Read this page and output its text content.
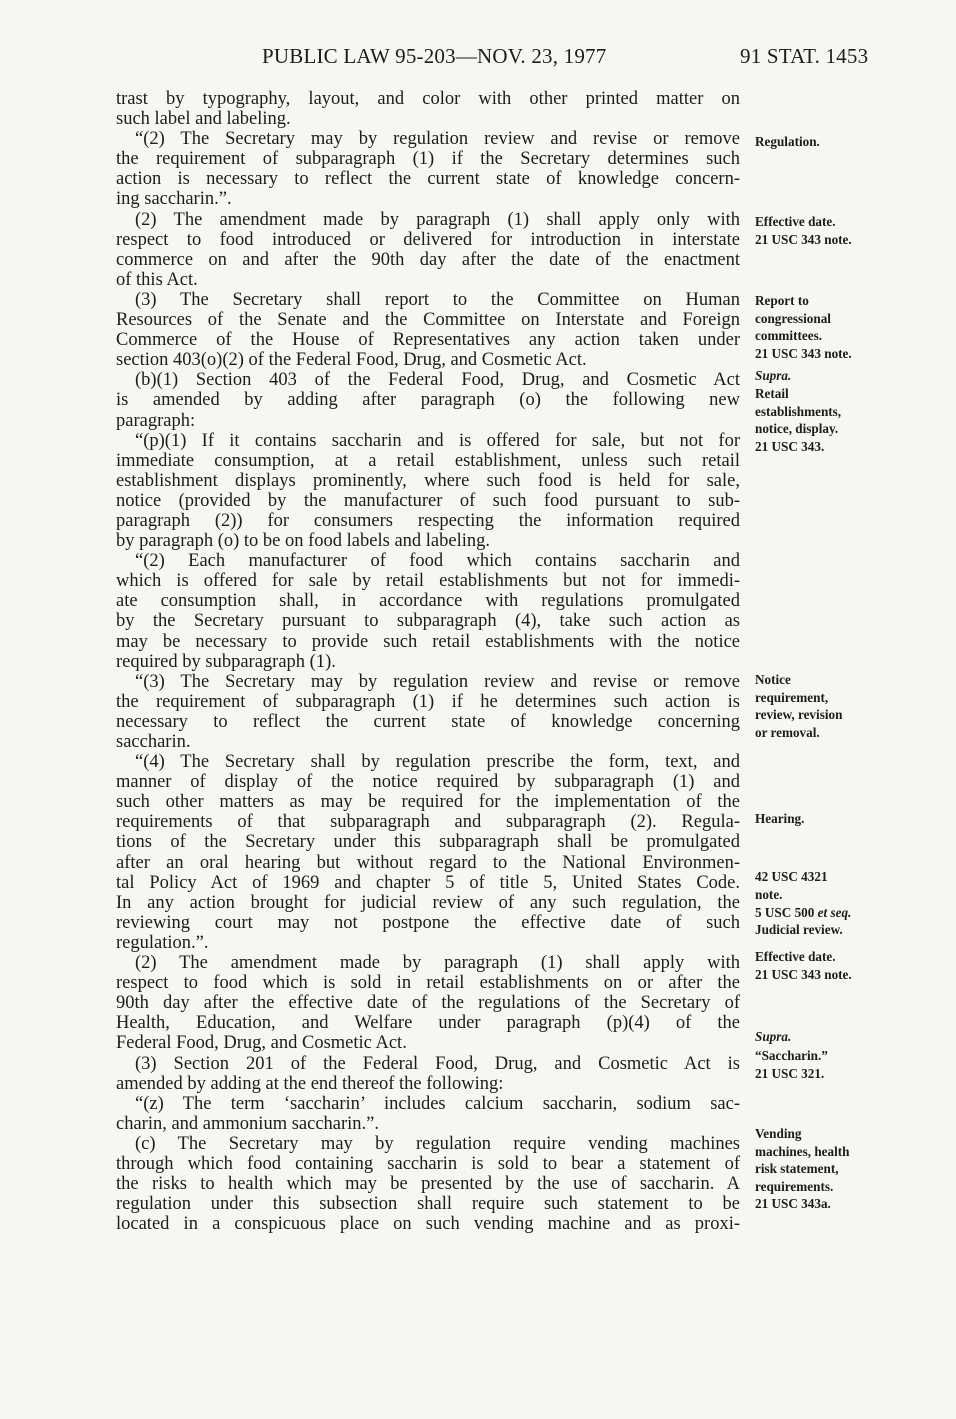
PUBLIC LAW 95-203—NOV. 23, 1977	91 STAT. 1453
trast by typography, layout, and color with other printed matter on
such label and labeling.
“(2) The Secretary may by regulation review and revise or remove
the requirement of subparagraph (1) if the Secretary determines such
action is necessary to reflect the current state of knowledge concern-
ing saccharin.”.
(2) The amendment made by paragraph (1) shall apply only with
respect to food introduced or delivered for introduction in interstate
commerce on and after the 90th day after the date of the enactment
of this Act.
(3) The Secretary shall report to the Committee on Human
Resources of the Senate and the Committee on Interstate and Foreign
Commerce of the House of Representatives any action taken under
section 403(o)(2) of the Federal Food, Drug, and Cosmetic Act.
(b)(1) Section 403 of the Federal Food, Drug, and Cosmetic Act
is amended by adding after paragraph (o) the following new
paragraph:
“(p)(1) If it contains saccharin and is offered for sale, but not for
immediate consumption, at a retail establishment, unless such retail
establishment displays prominently, where such food is held for sale,
notice (provided by the manufacturer of such food pursuant to sub-
paragraph (2)) for consumers respecting the information required
by paragraph (o) to be on food labels and labeling.
“(2) Each manufacturer of food which contains saccharin and
which is offered for sale by retail establishments but not for immedi-
ate consumption shall, in accordance with regulations promulgated
by the Secretary pursuant to subparagraph (4), take such action as
may be necessary to provide such retail establishments with the notice
required by subparagraph (1).
“(3) The Secretary may by regulation review and revise or remove
the requirement of subparagraph (1) if he determines such action is
necessary to reflect the current state of knowledge concerning
saccharin.
“(4) The Secretary shall by regulation prescribe the form, text, and
manner of display of the notice required by subparagraph (1) and
such other matters as may be required for the implementation of the
requirements of that subparagraph and subparagraph (2). Regula-
tions of the Secretary under this subparagraph shall be promulgated
after an oral hearing but without regard to the National Environmen-
tal Policy Act of 1969 and chapter 5 of title 5, United States Code.
In any action brought for judicial review of any such regulation, the
reviewing court may not postpone the effective date of such
regulation.”.
(2) The amendment made by paragraph (1) shall apply with
respect to food which is sold in retail establishments on or after the
90th day after the effective date of the regulations of the Secretary of
Health, Education, and Welfare under paragraph (p)(4) of the
Federal Food, Drug, and Cosmetic Act.
(3) Section 201 of the Federal Food, Drug, and Cosmetic Act is
amended by adding at the end thereof the following:
“(z) The term ‘saccharin’ includes calcium saccharin, sodium sac-
charin, and ammonium saccharin.”.
(c) The Secretary may by regulation require vending machines
through which food containing saccharin is sold to bear a statement of
the risks to health which may be presented by the use of saccharin. A
regulation under this subsection shall require such statement to be
located in a conspicuous place on such vending machine and as proxi-
Regulation.
Effective date.
21 USC 343 note.
Report to
congressional
committees.
21 USC 343 note.
Supra.
Retail
establishments,
notice, display.
21 USC 343.
Notice
requirement,
review, revision
or removal.
Hearing.
42 USC 4321
note.
5 USC 500 et seq.
Judicial review.
Effective date.
21 USC 343 note.
Supra.
“Saccharin.”
21 USC 321.
Vending
machines, health
risk statement,
requirements.
21 USC 343a.
